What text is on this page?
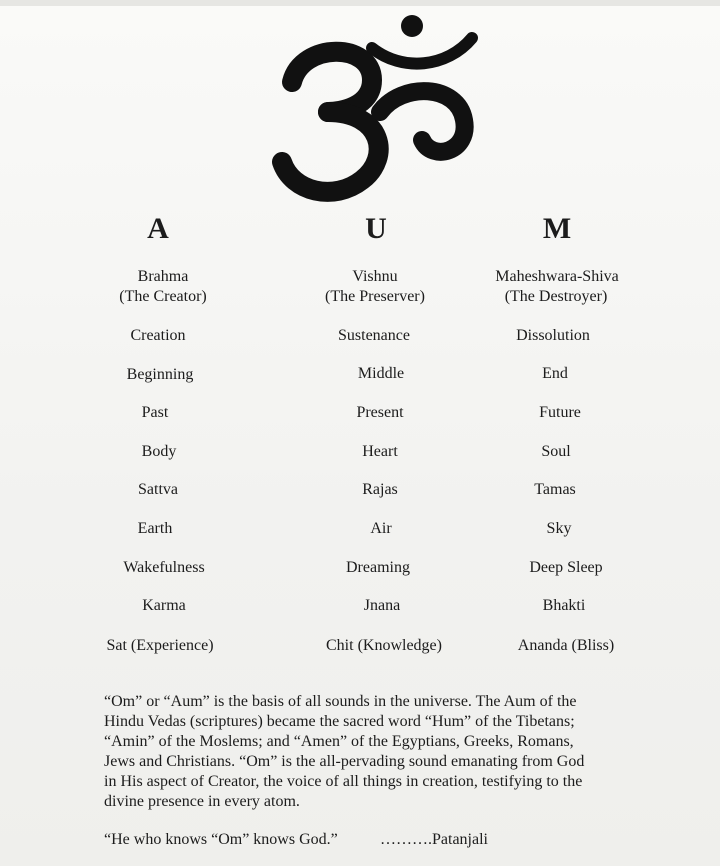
A
Brahma
(The Creator)
Creation
Beginning
Past
Body
Sattva
Earth
Wakefulness
Karma
Sat (Experience)
U
Vishnu
(The Preserver)
Sustenance
Middle
Present
Heart
Rajas
Air
Dreaming
Jnana
Chit (Knowledge)
M
Maheshwara-Shiva
(The Destroyer)
Dissolution
End
Future
Soul
Tamas
Sky
Deep Sleep
Bhakti
Ananda (Bliss)
“Om” or “Aum” is the basis of all sounds in the universe. The Aum of the
Hindu Vedas (scriptures) became the sacred word “Hum” of the Tibetans;
“Amin” of the Moslems; and “Amen” of the Egyptians, Greeks, Romans,
Jews and Christians. “Om” is the all-pervading sound emanating from God
in His aspect of Creator, the voice of all things in creation, testifying to the
divine presence in every atom.
“He who knows “Om” knows God.”	……….Patanjali
